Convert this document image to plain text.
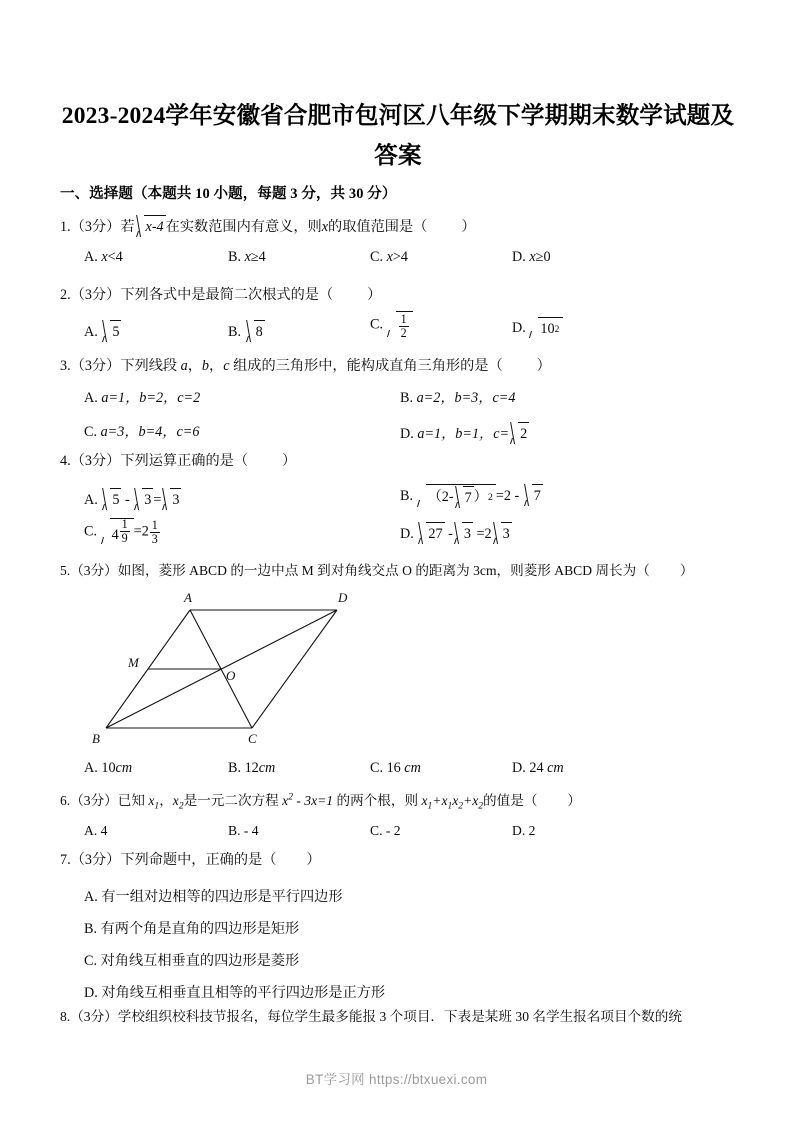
2023-2024学年安徽省合肥市包河区八年级下学期期末数学试题及答案
一、选择题（本题共 10 小题，每题 3 分，共 30 分）
1.（3分）若 x-4 在实数范围内有意义，则x的取值范围是（ ）
A. x<4	B. x≥4	C. x>4	D. x≥0
2.（3分）下列各式中是最简二次根式的是（ ）
A. 5	B. 8	C. $\frac{1}{2}$	D. 10 2
3.（3分）下列线段 a，b，c 组成的三角形中，能构成直角三角形的是（ ）
A. a=1，b=2，c=2	B. a=2，b=3，c=4
C. a=3，b=4，c=6	D. a=1，b=1，c= 2
4.（3分）下列运算正确的是（ ）
A. 5 - 3 = 3	B. （2- 7 ） 2 =2 - 7
C. $4 \frac{1}{9} =2 \frac{1}{3}$	D. 27 - 3 =2 3
5.（3分）如图，菱形 ABCD 的一边中点 M 到对角线交点 O 的距离为 3cm，则菱形 ABCD 周长为（ ）
A	D
B	C
M
O
A. 10cm	B. 12cm	C. 16 cm	D. 24 cm
6.（3分）已知 $x_1$，$x_2$是一元二次方程 $x^2 - 3x=1$ 的两个根，则 $x_1+x_1x_2+x_2$的值是（ ）
A. 4	B. - 4	C. - 2	D. 2
7.（3分）下列命题中，正确的是（ ）
A. 有一组对边相等的四边形是平行四边形
B. 有两个角是直角的四边形是矩形
C. 对角线互相垂直的四边形是菱形
D. 对角线互相垂直且相等的平行四边形是正方形
8.（3分）学校组织校科技节报名，每位学生最多能报 3 个项目．下表是某班 30 名学生报名项目个数的统
BT学习网 https://btxuexi.com
